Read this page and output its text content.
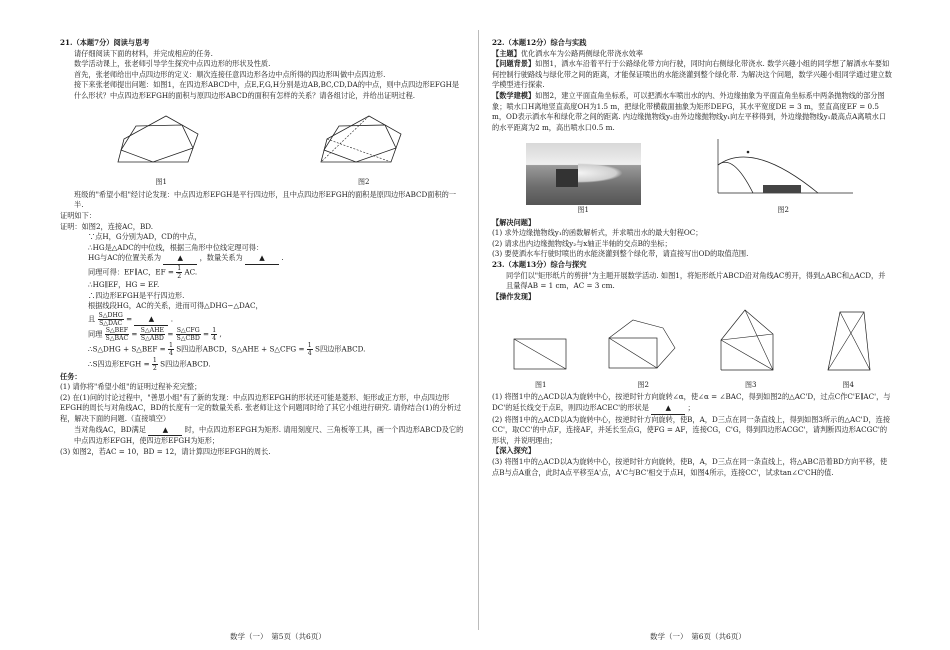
21.（本题7分）阅读与思考

请仔细阅读下面的材料，并完成相应的任务.

数学活动课上，张老师引导学生探究中点四边形的形状及性质.

首先，张老师给出中点四边形的定义：顺次连接任意四边形各边中点所得的四边形叫做中点四边形.

接下来张老师提出问题：如图1，在四边形ABCD中，点E,F,G,H分别是边AB,BC,CD,DA的中点，则中点四边形EFGH是什么形状？中点四边形EFGH的面积与原四边形ABCD的面积有怎样的关系？请各组讨论，并给出证明过程.

图1	图2

班级的"希望小组"经讨论发现：中点四边形EFGH是平行四边形，且中点四边形EFGH的面积是原四边形ABCD面积的一半.

证明如下：

证明：如图2，连接AC，BD.

∵点H，G分别为AD，CD的中点，

∴HG是△ADC的中位线，根据三角形中位线定理可得：

HG与AC的位置关系为 ▲ ，数量关系为 ▲ .

同理可得：EF∥AC，EF = $\frac{1}{2}$ AC.

∴HG∥EF，HG = EF.

∴四边形EFGH是平行四边形.

根据线段HG，AC的关系，进而可得△DHG∽△DAC，

且 $\frac{\text{S△DHG}}{\text{S△DAC}}$ = ▲ .

同理 $\frac{\text{S△BEF}}{\text{S△BAC}} = \frac{\text{S△AHE}}{\text{S△ABD}} = \frac{\text{S△CFG}}{\text{S△CBD}} = \frac{1}{4}$ ,

∴S△DHG + S△BEF = $\frac{1}{4}$ S四边形ABCD，S△AHE + S△CFG = $\frac{1}{4}$ S四边形ABCD.

∴S四边形EFGH = $\frac{1}{2}$ S四边形ABCD.

任务：

(1) 请你将"希望小组"的证明过程补充完整；

(2) 在(1)问的讨论过程中，"善思小组"有了新的发现：中点四边形EFGH的形状还可能是菱形、矩形或正方形，中点四边形EFGH的周长与对角线AC，BD的长度有一定的数量关系. 张老师让这个问题同时给了其它小组进行研究. 请你结合(1)的分析过程，解决下面的问题.（直接填空）

当对角线AC，BD满足 ▲ 时，中点四边形EFGH为矩形. 请用刻度尺、三角板等工具，画一个四边形ABCD及它的中点四边形EFGH，使四边形EFGH为矩形；

(3) 如图2，若AC = 10，BD = 12，请计算四边形EFGH的周长.

22.（本题12分）综合与实践

【主题】优化洒水车为公路两侧绿化带浇水效率

【问题背景】如图1，洒水车沿着平行于公路绿化带方向行驶，同时向右侧绿化带浇水. 数学兴趣小组的同学想了解洒水车要如何控制行驶路线与绿化带之间的距离，才能保证喷出的水能浇灌到整个绿化带. 为解决这个问题，数学兴趣小组同学通过建立数学模型进行探索.

【数学建模】如图2，建立平面直角坐标系，可以把洒水车喷出水的内、外边缘抽象为平面直角坐标系中两条抛物线的部分图象；喷水口H离地竖直高度OH为1.5 m，把绿化带横截面抽象为矩形DEFG，其水平宽度DE = 3 m，竖直高度EF = 0.5 m，OD表示洒水车和绿化带之间的距离. 内边缘抛物线y₂由外边缘抛物线y₁向左平移得到，外边缘抛物线y₁最高点A离喷水口的水平距离为2 m，高出喷水口0.5 m.

图1	图2

【解决问题】

(1) 求外边缘抛物线y₁的函数解析式，并求喷出水的最大射程OC；

(2) 请求出内边缘抛物线y₂与x轴正半轴的交点B的坐标；

(3) 要使洒水车行驶时喷出的水能浇灌到整个绿化带，请直接写出OD的取值范围.

23.（本题13分）综合与探究

同学们以"矩形纸片的剪拼"为主题开展数学活动. 如图1，将矩形纸片ABCD沿对角线AC剪开，得到△ABC和△ACD，并且量得AB = 1 cm，AC = 3 cm.

【操作发现】

图1	图2	图3	图4

(1) 将图1中的△ACD以A为旋转中心，按逆时针方向旋转∠α，使∠α = ∠BAC，得到如图2的△AC'D，过点C作C'E∥AC'，与DC'的延长线交于点E，则四边形ACEC'的形状是 ▲ ；

(2) 将图1中的△ACD以A为旋转中心，按逆时针方向旋转，使B，A，D三点在同一条直线上，得到如图3所示的△AC'D，连接CC'，取CC'的中点F，连接AF，并延长至点G，使FG = AF，连接CG，C'G，得到四边形ACGC'，请判断四边形ACGC'的形状，并说明理由；

【深入探究】

(3) 将图1中的△ACD以A为旋转中心，按逆时针方向旋转，使B，A，D三点在同一条直线上，将△ABC沿着BD方向平移，使点B与点A重合，此时A点平移至A'点，A'C与BC'相交于点H，如图4所示，连接CC'，试求tan∠C'CH的值.

数学（一）　第5页（共6页）	数学（一）　第6页（共6页）
